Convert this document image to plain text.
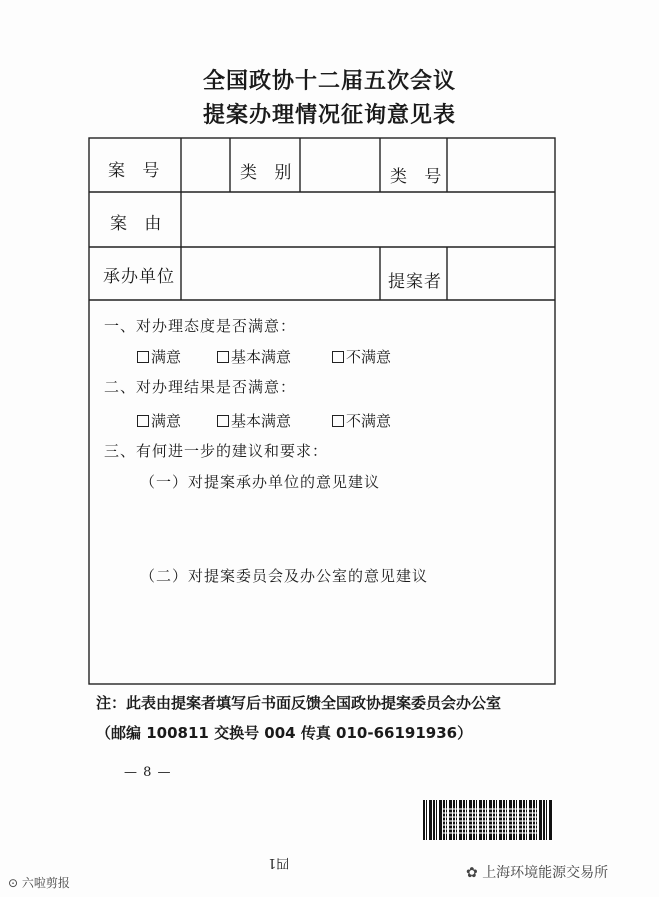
全国政协十二届五次会议
提案办理情况征询意见表
案 号	类 别	类 号
案 由
承办单位	提案者
一、对办理态度是否满意：
满意	基本满意	不满意
二、对办理结果是否满意：
满意	基本满意	不满意
三、有何进一步的建议和要求：
（一）对提案承办单位的意见建议
（二）对提案委员会及办公室的意见建议
注：此表由提案者填写后书面反馈全国政协提案委员会办公室
（邮编 100811 交换号 004 传真 010-66191936）
— 8 —
四1
⊙ 六啦剪报
✿ 上海环境能源交易所
